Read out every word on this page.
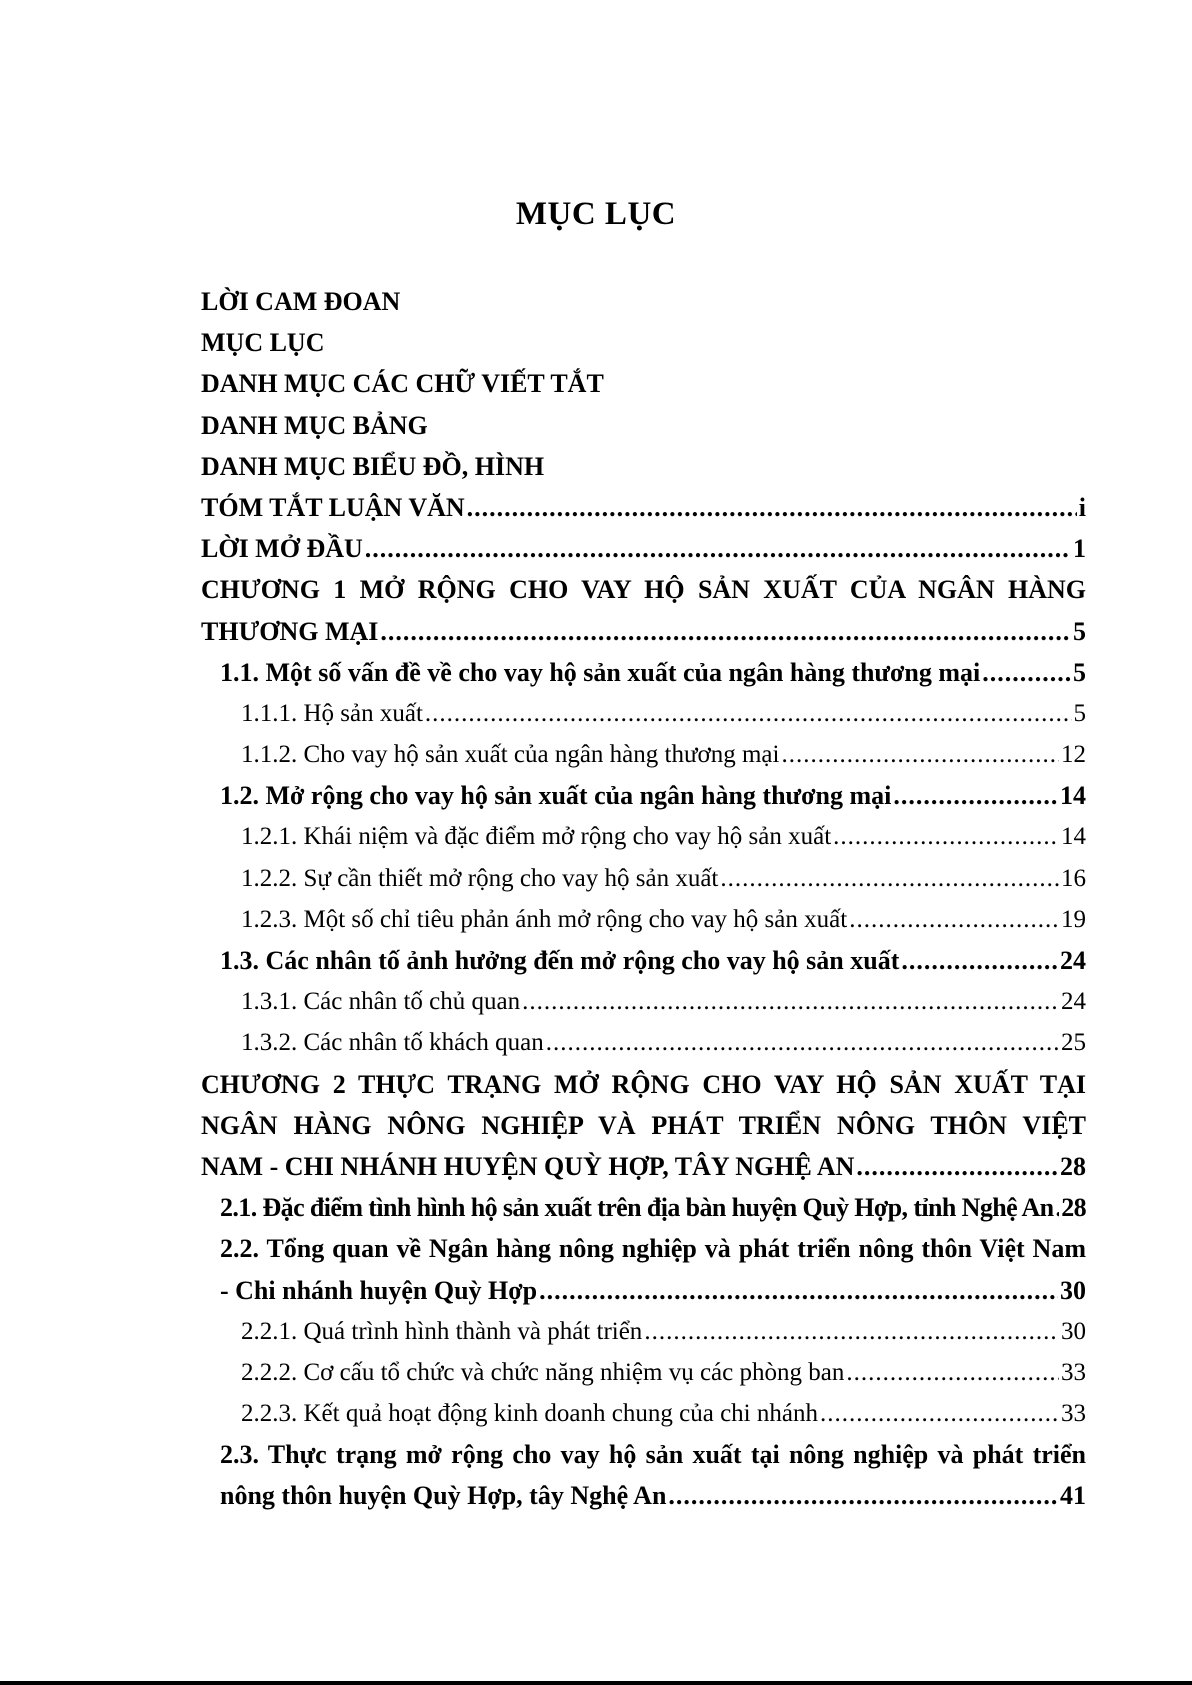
MỤC LỤC
LỜI CAM ĐOAN
MỤC LỤC
DANH MỤC CÁC CHỮ VIẾT TẮT
DANH MỤC BẢNG
DANH MỤC BIỂU ĐỒ, HÌNH
TÓM TẮT LUẬN VĂN .....	i
LỜI MỞ ĐẦU .....	1
CHƯƠNG 1 MỞ RỘNG CHO VAY HỘ SẢN XUẤT CỦA NGÂN HÀNG
THƯƠNG MẠI .....	5
1.1. Một số vấn đề về cho vay hộ sản xuất của ngân hàng thương mại .....	5
1.1.1. Hộ sản xuất .....	5
1.1.2. Cho vay hộ sản xuất của ngân hàng thương mại .....	12
1.2. Mở rộng cho vay hộ sản xuất của ngân hàng thương mại .....	14
1.2.1. Khái niệm và đặc điểm mở rộng cho vay hộ sản xuất .....	14
1.2.2. Sự cần thiết mở rộng cho vay hộ sản xuất .....	16
1.2.3. Một số chỉ tiêu phản ánh mở rộng cho vay hộ sản xuất .....	19
1.3. Các nhân tố ảnh hưởng đến mở rộng cho vay hộ sản xuất .....	24
1.3.1. Các nhân tố chủ quan .....	24
1.3.2. Các nhân tố khách quan .....	25
CHƯƠNG 2 THỰC TRẠNG MỞ RỘNG CHO VAY HỘ SẢN XUẤT TẠI
NGÂN HÀNG NÔNG NGHIỆP VÀ PHÁT TRIỂN NÔNG THÔN VIỆT
NAM - CHI NHÁNH HUYỆN QUỲ HỢP, TÂY NGHỆ AN .....	28
2.1. Đặc điểm tình hình hộ sản xuất trên địa bàn huyện Quỳ Hợp, tỉnh Nghệ An ..... 28
2.2. Tổng quan về Ngân hàng nông nghiệp và phát triển nông thôn Việt Nam
- Chi nhánh huyện Quỳ Hợp .....	30
2.2.1. Quá trình hình thành và phát triển .....	30
2.2.2. Cơ cấu tổ chức và chức năng nhiệm vụ các phòng ban .....	33
2.2.3. Kết quả hoạt động kinh doanh chung của chi nhánh .....	33
2.3. Thực trạng mở rộng cho vay hộ sản xuất tại nông nghiệp và phát triển
nông thôn huyện Quỳ Hợp, tây Nghệ An .....	41
